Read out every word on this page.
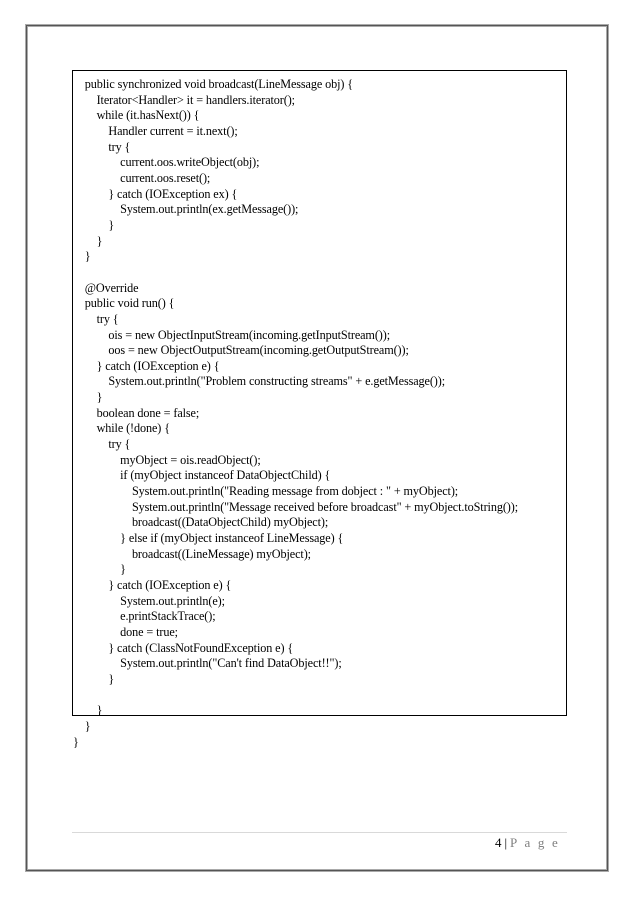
public synchronized void broadcast(LineMessage obj) {
Iterator<Handler> it = handlers.iterator();
while (it.hasNext()) {
Handler current = it.next();
try {
current.oos.writeObject(obj);
current.oos.reset();
} catch (IOException ex) {
System.out.println(ex.getMessage());
}
}
}

@Override
public void run() {
try {
ois = new ObjectInputStream(incoming.getInputStream());
oos = new ObjectOutputStream(incoming.getOutputStream());
} catch (IOException e) {
System.out.println("Problem constructing streams" + e.getMessage());
}
boolean done = false;
while (!done) {
try {
myObject = ois.readObject();
if (myObject instanceof DataObjectChild) {
System.out.println("Reading message from dobject : " + myObject);
System.out.println("Message received before broadcast" + myObject.toString());
broadcast((DataObjectChild) myObject);
} else if (myObject instanceof LineMessage) {
broadcast((LineMessage) myObject);
}
} catch (IOException e) {
System.out.println(e);
e.printStackTrace();
done = true;
} catch (ClassNotFoundException e) {
System.out.println("Can't find DataObject!!");
}

}
}
}
4 | P a g e
